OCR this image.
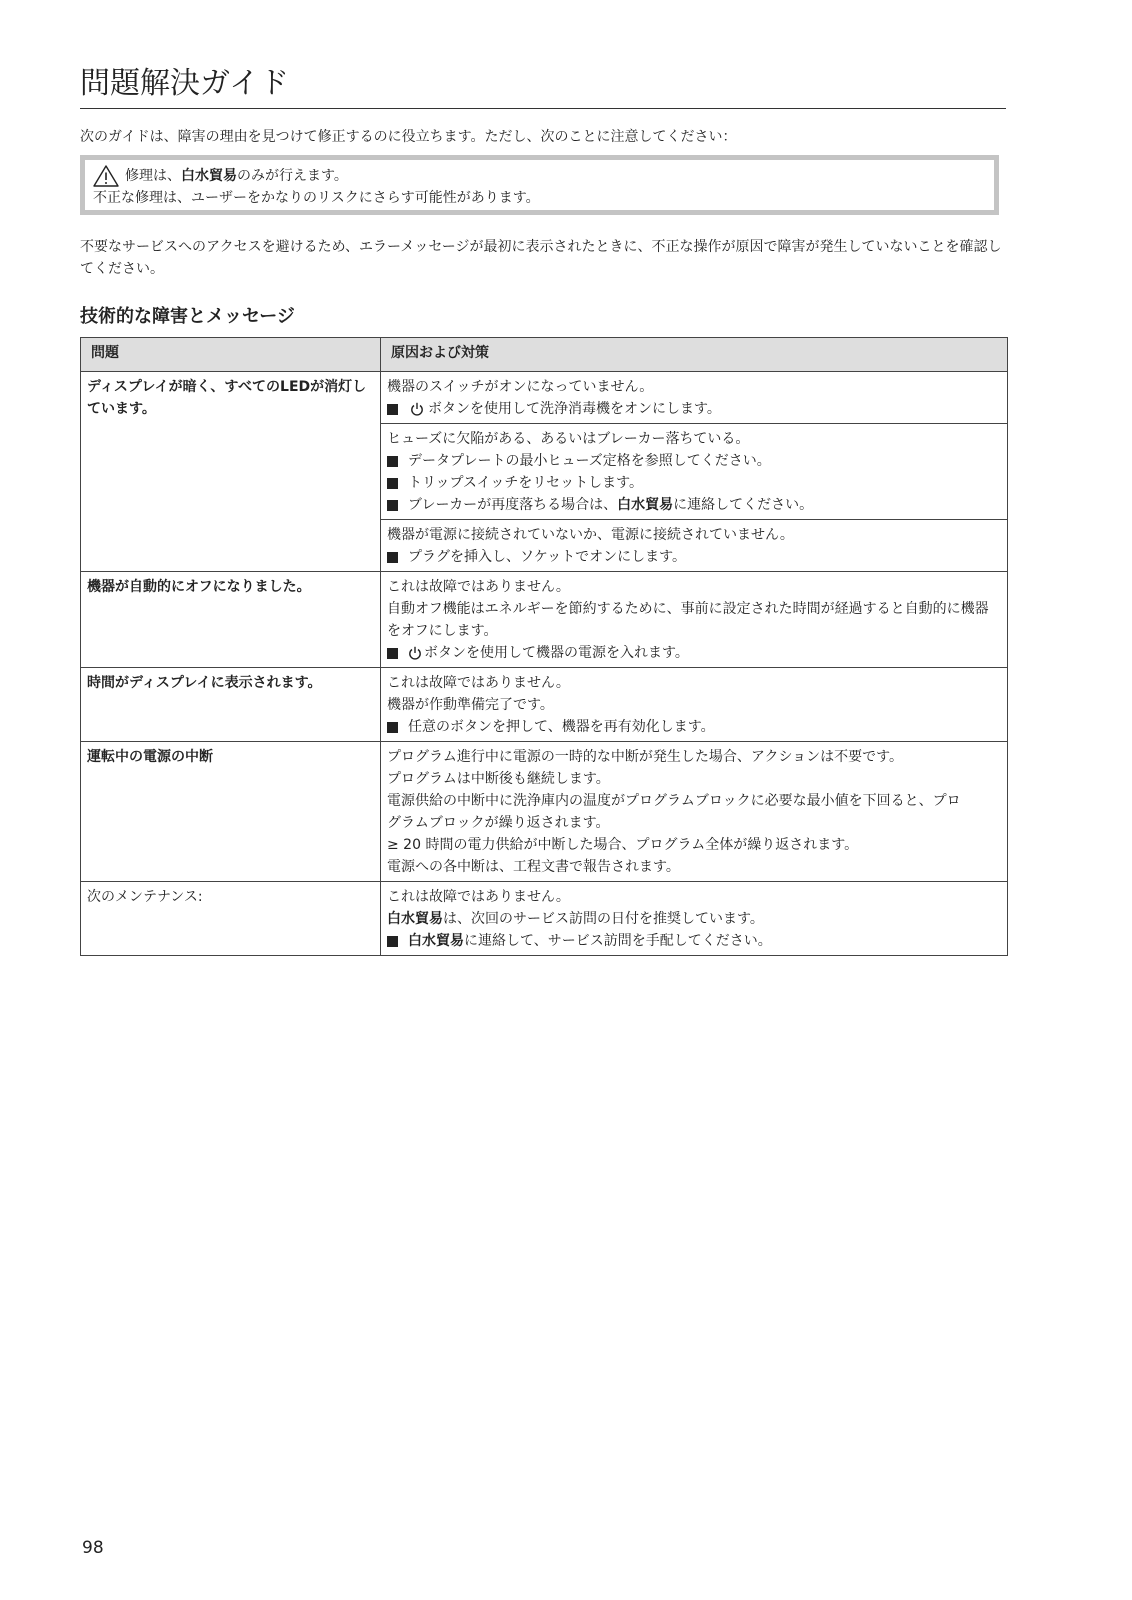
問題解決ガイド
次のガイドは、障害の理由を見つけて修正するのに役立ちます。ただし、次のことに注意してください：
修理は、白水貿易のみが行えます。
不正な修理は、ユーザーをかなりのリスクにさらす可能性があります。
不要なサービスへのアクセスを避けるため、エラーメッセージが最初に表示されたときに、不正な操作が原因で障害が発生していないことを確認してください。
技術的な障害とメッセージ
問題	原因および対策
ディスプレイが暗く、すべてのLEDが消灯しています。	機器のスイッチがオンになっていません。
ボタンを使用して洗浄消毒機をオンにします。

	ヒューズに欠陥がある、あるいはブレーカー落ちている。
データプレートの最小ヒューズ定格を参照してください。
トリップスイッチをリセットします。
ブレーカーが再度落ちる場合は、白水貿易に連絡してください。

	機器が電源に接続されていないか、電源に接続されていません。
プラグを挿入し、ソケットでオンにします。

機器が自動的にオフになりました。	これは故障ではありません。
自動オフ機能はエネルギーを節約するために、事前に設定された時間が経過すると自動的に機器をオフにします。
ボタンを使用して機器の電源を入れます。

時間がディスプレイに表示されます。	これは故障ではありません。
機器が作動準備完了です。
任意のボタンを押して、機器を再有効化します。

運転中の電源の中断	プログラム進行中に電源の一時的な中断が発生した場合、アクションは不要です。
プログラムは中断後も継続します。
電源供給の中断中に洗浄庫内の温度がプログラムブロックに必要な最小値を下回ると、プログラムブロックが繰り返されます。
≥ 20 時間の電力供給が中断した場合、プログラム全体が繰り返されます。
電源への各中断は、工程文書で報告されます。

次のメンテナンス:	これは故障ではありません。
白水貿易は、次回のサービス訪問の日付を推奨しています。
白水貿易に連絡して、サービス訪問を手配してください。
98
